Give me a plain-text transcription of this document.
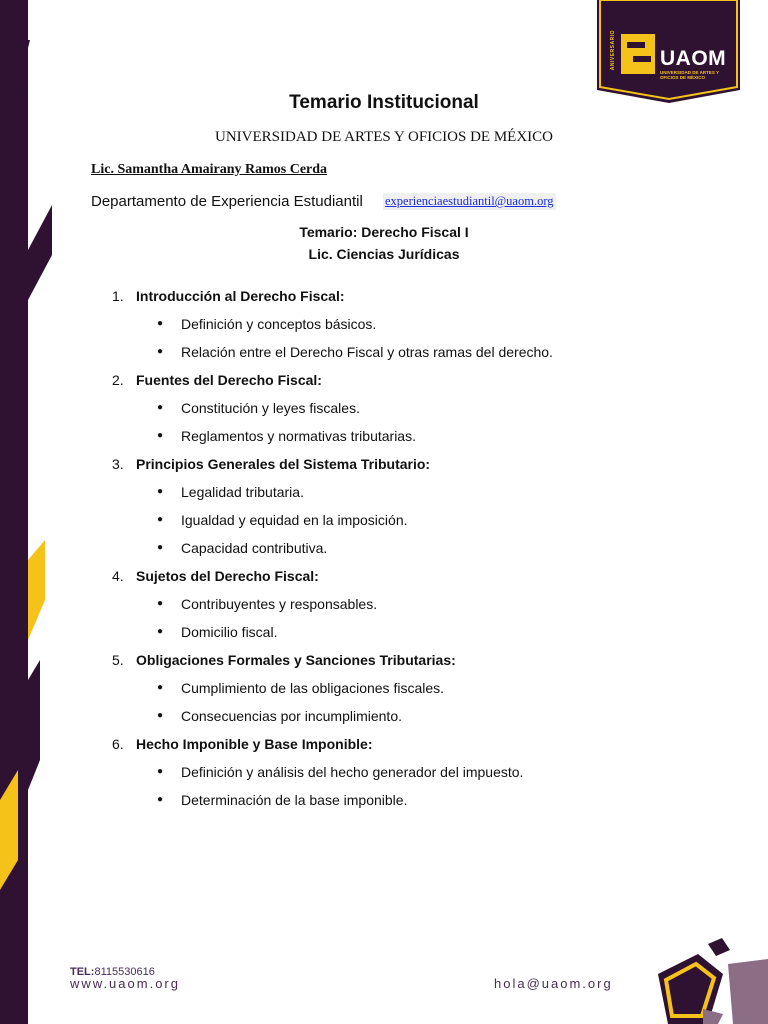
ANIVERSARIO UAOM
UNIVERSIDAD DE ARTES Y OFICIOS DE MÉXICO
Temario Institucional
UNIVERSIDAD DE ARTES Y OFICIOS DE MÉXICO
Lic. Samantha Amairany Ramos Cerda
Departamento de Experiencia Estudiantil experienciaestudiantil@uaom.org
Temario: Derecho Fiscal I
Lic. Ciencias Jurídicas
1. Introducción al Derecho Fiscal:
●	Definición y conceptos básicos.
●	Relación entre el Derecho Fiscal y otras ramas del derecho.
2. Fuentes del Derecho Fiscal:
●	Constitución y leyes fiscales.
●	Reglamentos y normativas tributarias.
3. Principios Generales del Sistema Tributario:
●	Legalidad tributaria.
●	Igualdad y equidad en la imposición.
●	Capacidad contributiva.
4. Sujetos del Derecho Fiscal:
●	Contribuyentes y responsables.
●	Domicilio fiscal.
5. Obligaciones Formales y Sanciones Tributarias:
●	Cumplimiento de las obligaciones fiscales.
●	Consecuencias por incumplimiento.
6. Hecho Imponible y Base Imponible:
●	Definición y análisis del hecho generador del impuesto.
●	Determinación de la base imponible.
TEL:8115530616
www.uaom.org	hola@uaom.org
